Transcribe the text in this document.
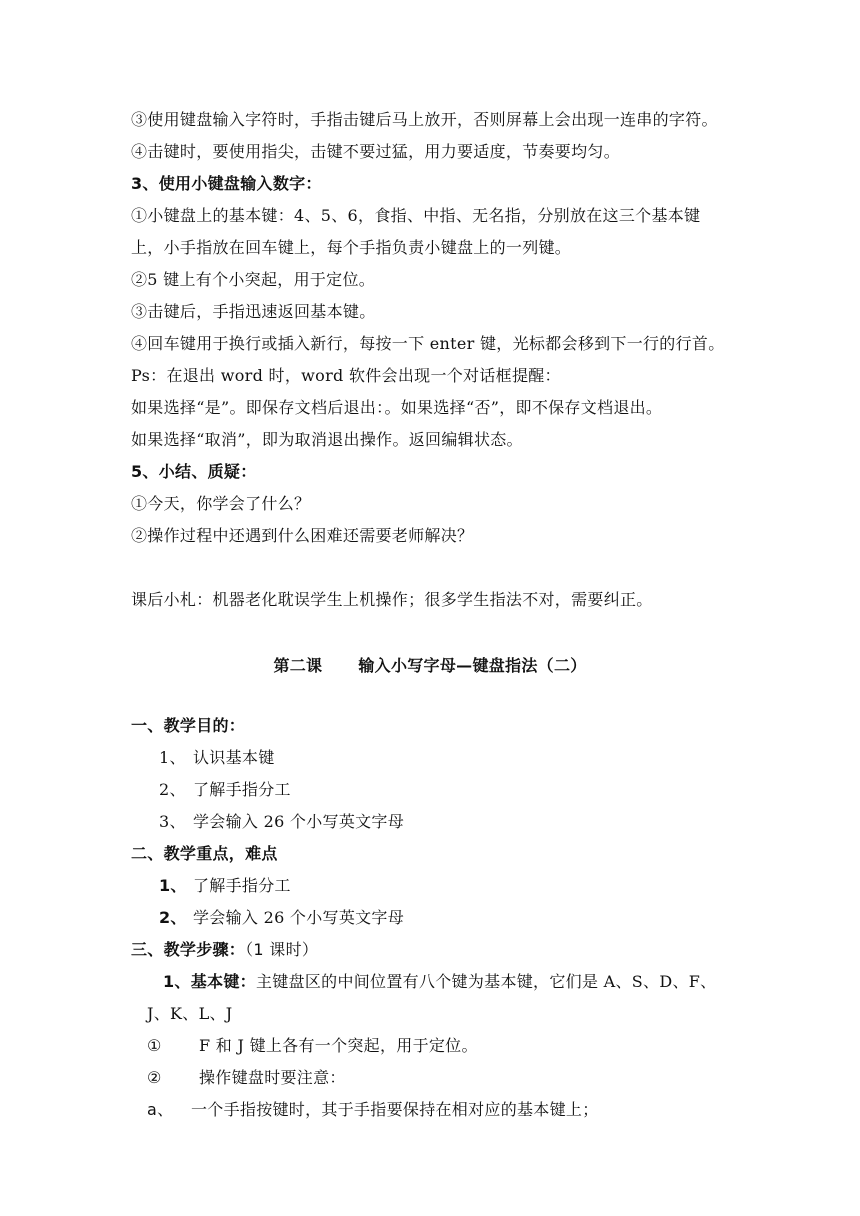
③使用键盘输入字符时，手指击键后马上放开，否则屏幕上会出现一连串的字符。
④击键时，要使用指尖，击键不要过猛，用力要适度，节奏要均匀。
3、使用小键盘输入数字：
①小键盘上的基本键：4、5、6，食指、中指、无名指，分别放在这三个基本键
上，小手指放在回车键上，每个手指负责小键盘上的一列键。
②5 键上有个小突起，用于定位。
③击键后，手指迅速返回基本键。
④回车键用于换行或插入新行，每按一下 enter 键，光标都会移到下一行的行首。
Ps：在退出 word 时，word 软件会出现一个对话框提醒：
如果选择“是”。即保存文档后退出：。如果选择“否”，即不保存文档退出。
如果选择“取消”，即为取消退出操作。返回编辑状态。
5、小结、质疑：
①今天，你学会了什么？
②操作过程中还遇到什么困难还需要老师解决？
课后小札：机器老化耽误学生上机操作；很多学生指法不对，需要纠正。
第二课 输入小写字母—键盘指法（二）
一、教学目的：
1、 认识基本键
2、 了解手指分工
3、 学会输入 26 个小写英文字母
二、教学重点，难点
1、 了解手指分工
2、 学会输入 26 个小写英文字母
三、教学步骤：（1 课时）
1、基本键：主键盘区的中间位置有八个键为基本键，它们是 A、S、D、F、
J、K、L、J
① F 和 J 键上各有一个突起，用于定位。
② 操作键盘时要注意：
a、 一个手指按键时，其于手指要保持在相对应的基本键上；
